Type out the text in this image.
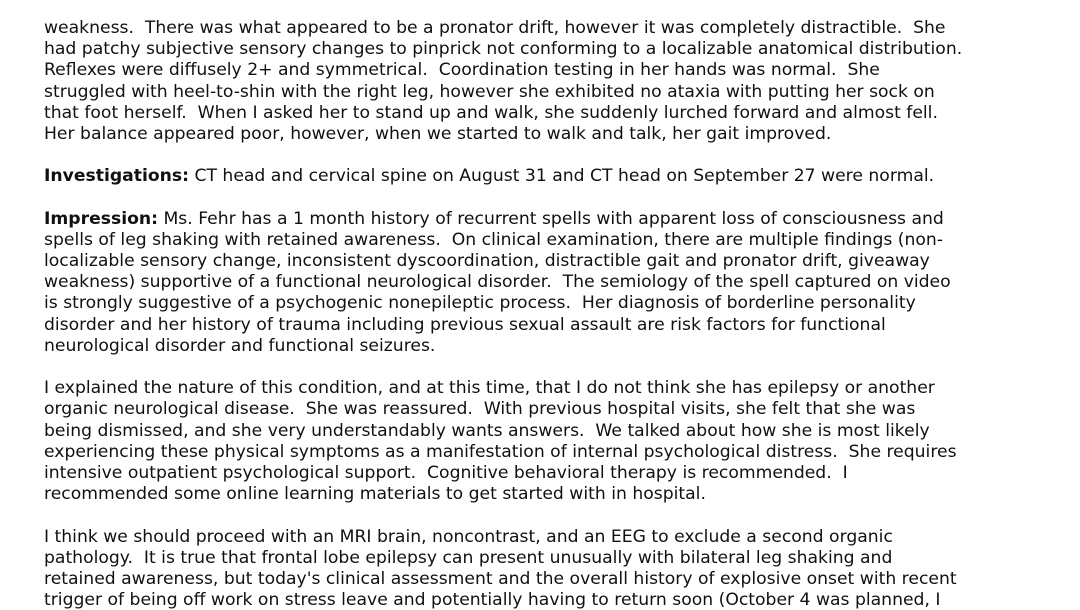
weakness.  There was what appeared to be a pronator drift, however it was completely distractible.  She
had patchy subjective sensory changes to pinprick not conforming to a localizable anatomical distribution.
Reflexes were diffusely 2+ and symmetrical.  Coordination testing in her hands was normal.  She
struggled with heel-to-shin with the right leg, however she exhibited no ataxia with putting her sock on
that foot herself.  When I asked her to stand up and walk, she suddenly lurched forward and almost fell.
Her balance appeared poor, however, when we started to walk and talk, her gait improved.
Investigations: CT head and cervical spine on August 31 and CT head on September 27 were normal.
Impression: Ms. Fehr has a 1 month history of recurrent spells with apparent loss of consciousness and
spells of leg shaking with retained awareness.  On clinical examination, there are multiple findings (non-
localizable sensory change, inconsistent dyscoordination, distractible gait and pronator drift, giveaway
weakness) supportive of a functional neurological disorder.  The semiology of the spell captured on video
is strongly suggestive of a psychogenic nonepileptic process.  Her diagnosis of borderline personality
disorder and her history of trauma including previous sexual assault are risk factors for functional
neurological disorder and functional seizures.
I explained the nature of this condition, and at this time, that I do not think she has epilepsy or another
organic neurological disease.  She was reassured.  With previous hospital visits, she felt that she was
being dismissed, and she very understandably wants answers.  We talked about how she is most likely
experiencing these physical symptoms as a manifestation of internal psychological distress.  She requires
intensive outpatient psychological support.  Cognitive behavioral therapy is recommended.  I
recommended some online learning materials to get started with in hospital.
I think we should proceed with an MRI brain, noncontrast, and an EEG to exclude a second organic
pathology.  It is true that frontal lobe epilepsy can present unusually with bilateral leg shaking and
retained awareness, but today's clinical assessment and the overall history of explosive onset with recent
trigger of being off work on stress leave and potentially having to return soon (October 4 was planned, I
